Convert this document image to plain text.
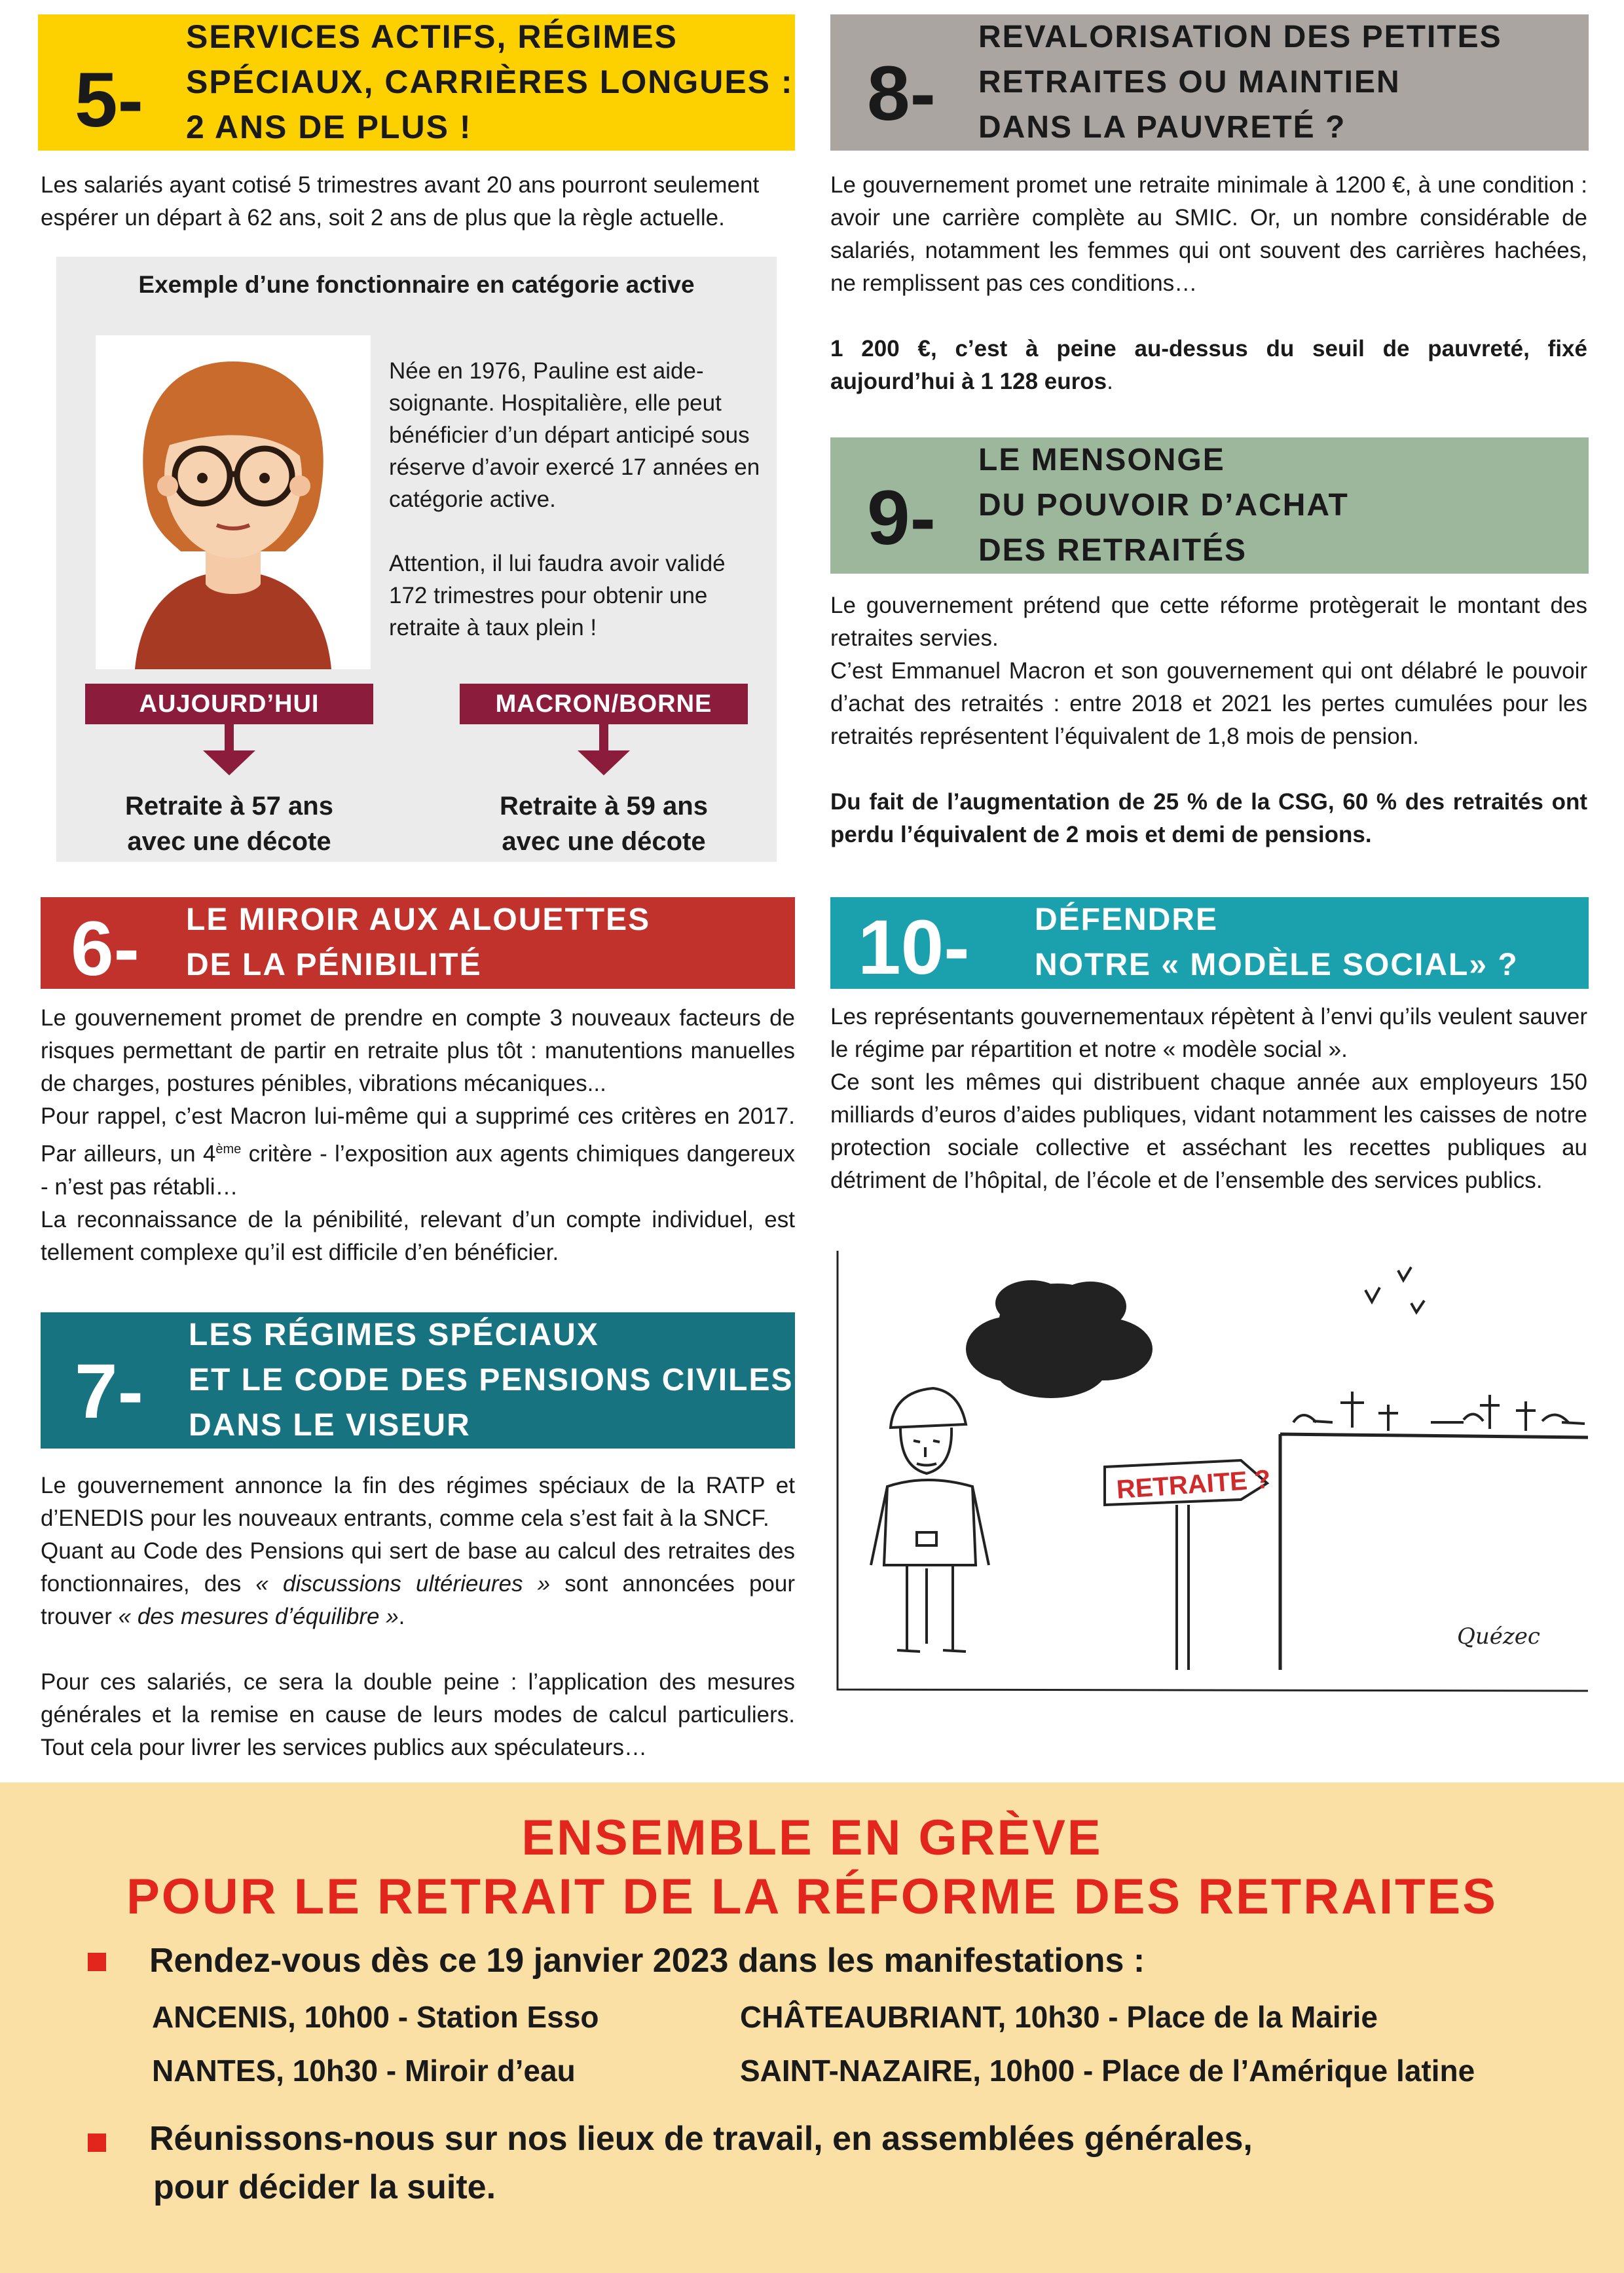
5-
SERVICES ACTIFS, RÉGIMES
SPÉCIAUX, CARRIÈRES LONGUES :
2 ANS DE PLUS !
Les salariés ayant cotisé 5 trimestres avant 20 ans pourront seulement espérer un départ à 62 ans, soit 2 ans de plus que la règle actuelle.
Exemple d’une fonctionnaire en catégorie active

Née en 1976, Pauline est aide-soignante. Hospitalière, elle peut bénéficier d’un départ anticipé sous réserve d’avoir exercé 17 années en catégorie active.

Attention, il lui faudra avoir validé 172 trimestres pour obtenir une retraite à taux plein !

AUJOURD’HUI	MACRON/BORNE
Retraite à 57 ans
avec une décote
Retraite à 59 ans
avec une décote
6- LE MIROIR AUX ALOUETTES
DE LA PÉNIBILITÉ

Le gouvernement promet de prendre en compte 3 nouveaux facteurs de risques permettant de partir en retraite plus tôt : manutentions manuelles de charges, postures pénibles, vibrations mécaniques...

Pour rappel, c’est Macron lui-même qui a supprimé ces critères en 2017. Par ailleurs, un 4ème critère - l’exposition aux agents chimiques dangereux - n’est pas rétabli…

La reconnaissance de la pénibilité, relevant d’un compte individuel, est tellement complexe qu’il est difficile d’en bénéficier.

7-
LES RÉGIMES SPÉCIAUX
ET LE CODE DES PENSIONS CIVILES
DANS LE VISEUR

Le gouvernement annonce la fin des régimes spéciaux de la RATP et d’ENEDIS pour les nouveaux entrants, comme cela s’est fait à la SNCF.

Quant au Code des Pensions qui sert de base au calcul des retraites des fonctionnaires, des « discussions ultérieures » sont annoncées pour trouver « des mesures d’équilibre ».

Pour ces salariés, ce sera la double peine : l’application des mesures générales et la remise en cause de leurs modes de calcul particuliers. Tout cela pour livrer les services publics aux spéculateurs…

8-
REVALORISATION DES PETITES
RETRAITES OU MAINTIEN
DANS LA PAUVRETÉ ?

Le gouvernement promet une retraite minimale à 1200 €, à une condition : avoir une carrière complète au SMIC. Or, un nombre considérable de salariés, notamment les femmes qui ont souvent des carrières hachées, ne remplissent pas ces conditions…

1 200 €, c’est à peine au-dessus du seuil de pauvreté, fixé aujourd’hui à 1 128 euros.

9-
LE MENSONGE
DU POUVOIR D’ACHAT
DES RETRAITÉS

Le gouvernement prétend que cette réforme protègerait le montant des retraites servies.

C’est Emmanuel Macron et son gouvernement qui ont délabré le pouvoir d’achat des retraités : entre 2018 et 2021 les pertes cumulées pour les retraités représentent l’équivalent de 1,8 mois de pension.

Du fait de l’augmentation de 25 % de la CSG, 60 % des retraités ont perdu l’équivalent de 2 mois et demi de pensions.

10- DÉFENDRE
NOTRE « MODÈLE SOCIAL» ?

Les représentants gouvernementaux répètent à l’envi qu’ils veulent sauver le régime par répartition et notre « modèle social ».

Ce sont les mêmes qui distribuent chaque année aux employeurs 150 milliards d’euros d’aides publiques, vidant notamment les caisses de notre protection sociale collective et asséchant les recettes publiques au détriment de l’hôpital, de l’école et de l’ensemble des services publics.

RETRAITE ?
Quézec
ENSEMBLE EN GRÈVE
POUR LE RETRAIT DE LA RÉFORME DES RETRAITES
Rendez-vous dès ce 19 janvier 2023 dans les manifestations :
ANCENIS, 10h00 - Station Esso	CHÂTEAUBRIANT, 10h30 - Place de la Mairie
NANTES, 10h30 - Miroir d’eau	SAINT-NAZAIRE, 10h00 - Place de l’Amérique latine
Réunissons-nous sur nos lieux de travail, en assemblées générales,
pour décider la suite.
